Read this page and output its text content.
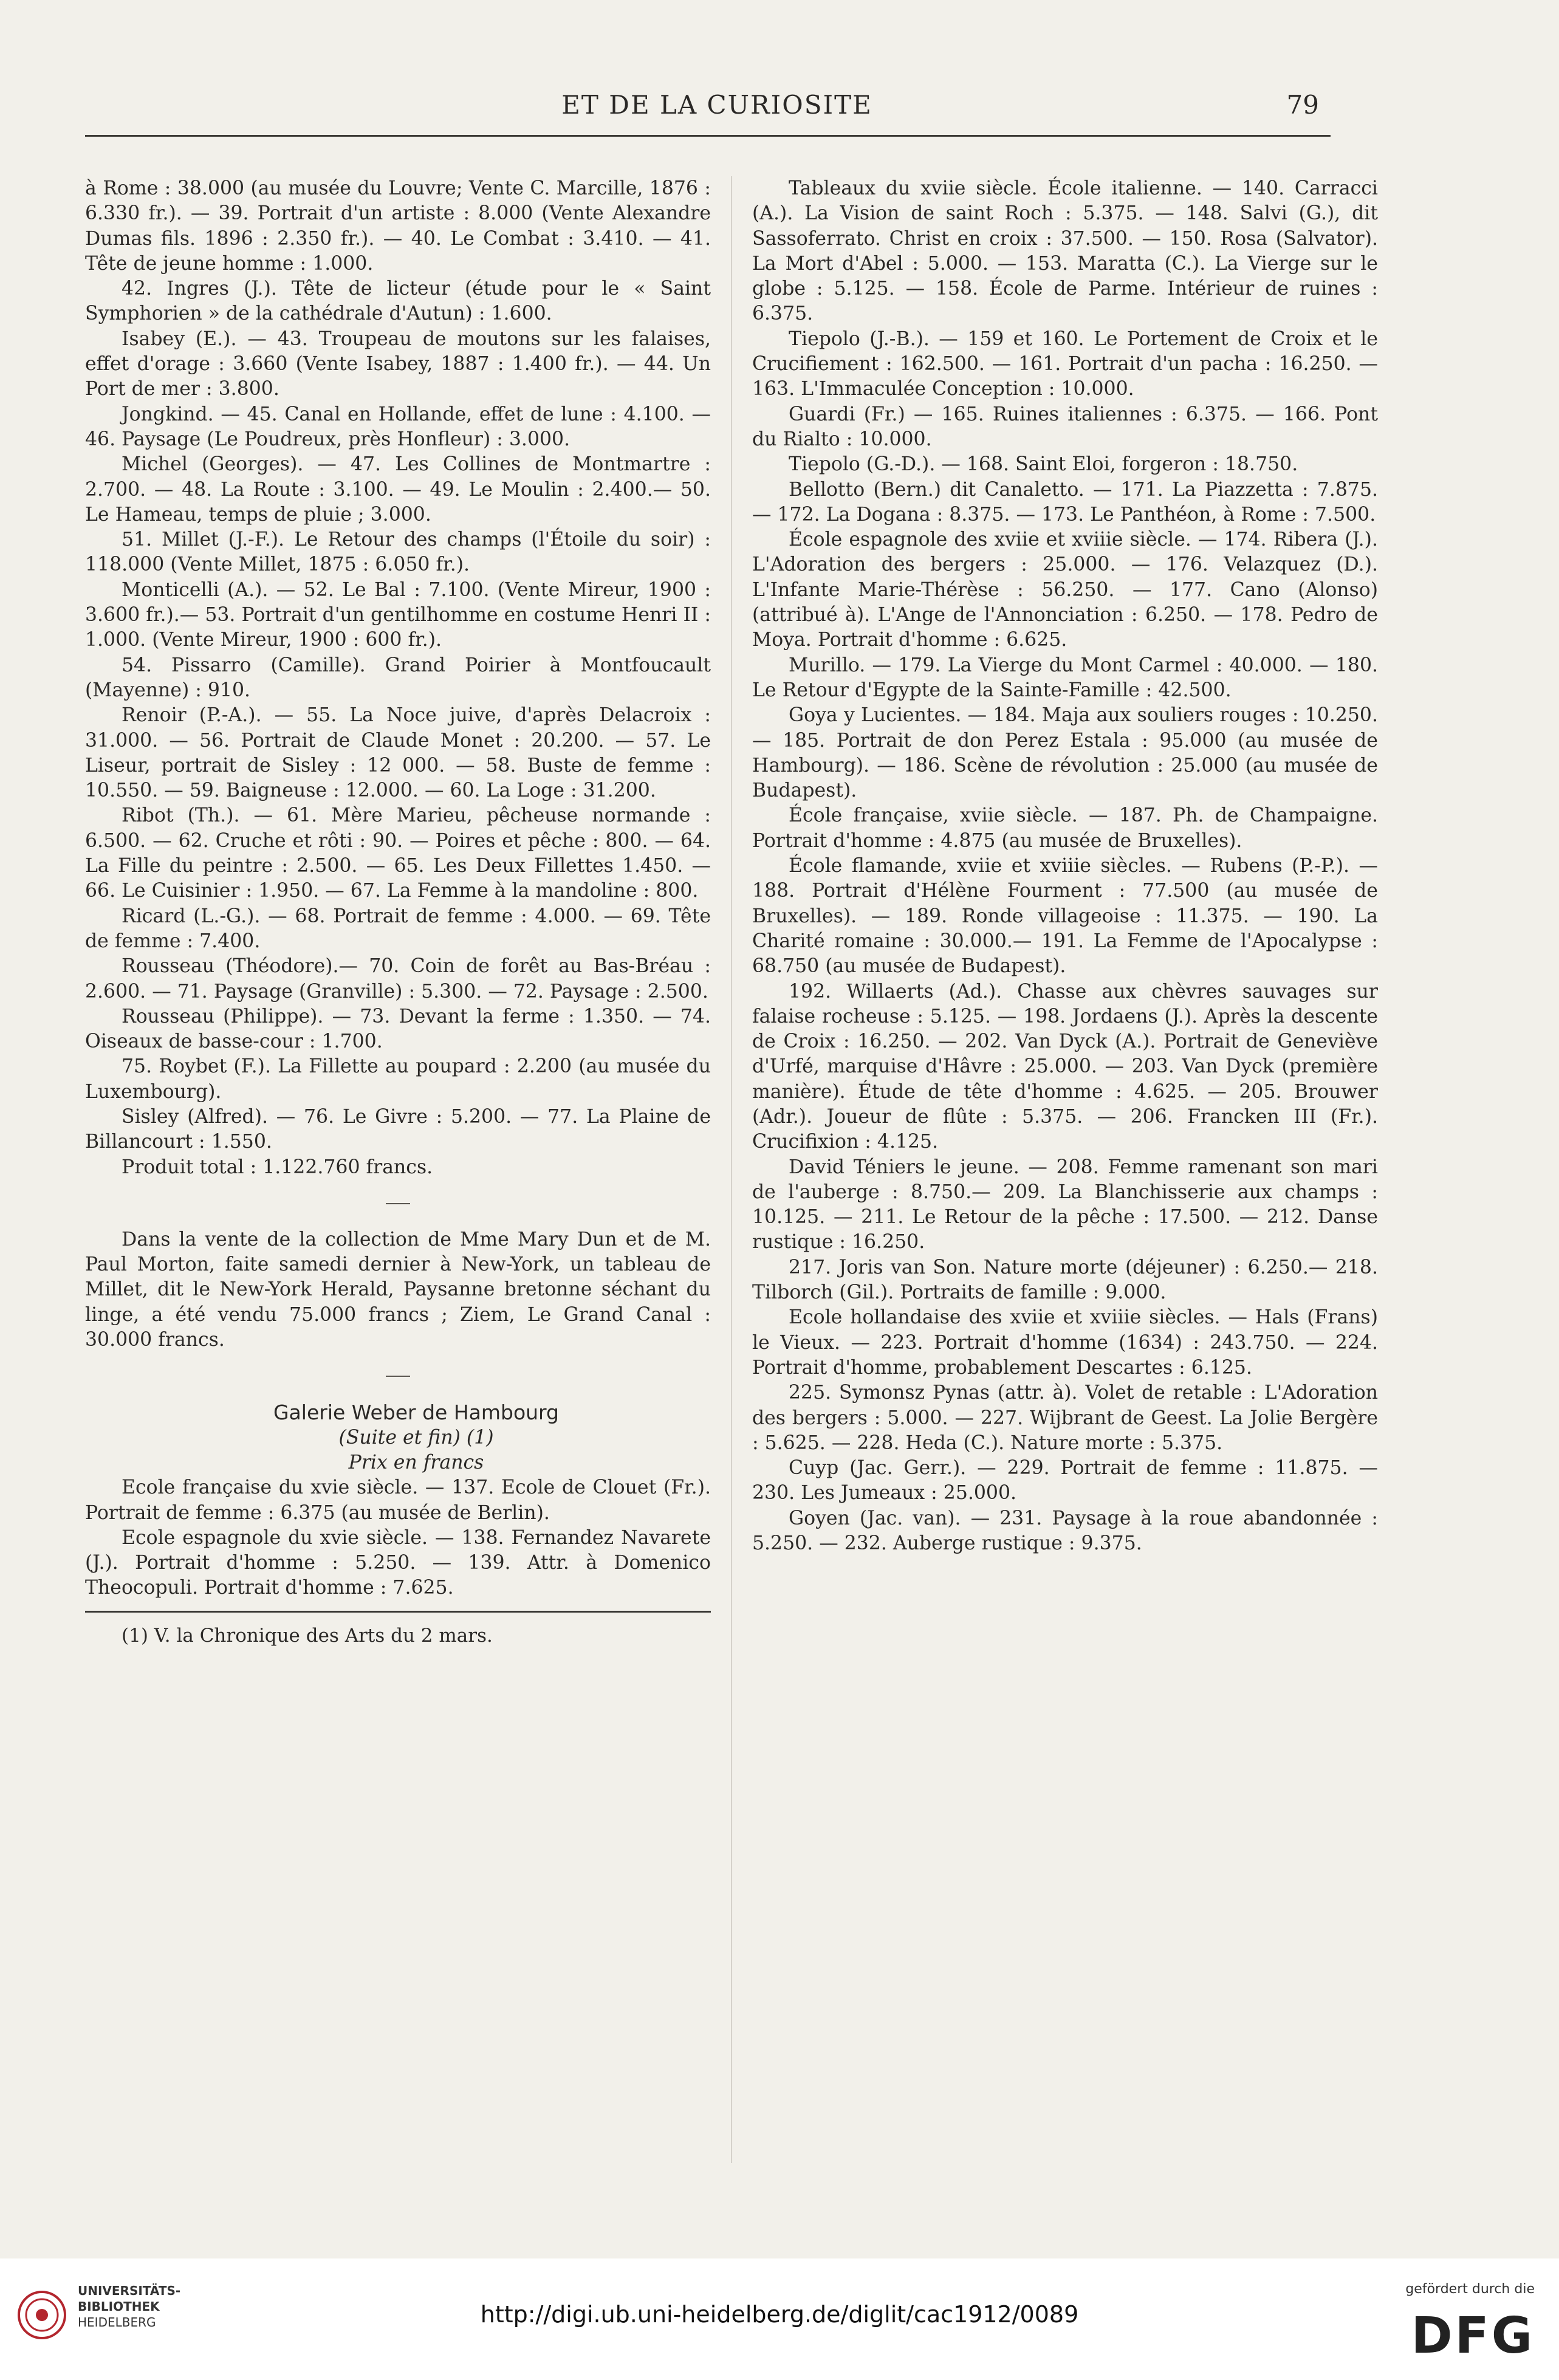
ET DE LA CURIOSITE	79

à Rome : 38.000 (au musée du Louvre; Vente C. Marcille, 1876 : 6.330 fr.). — 39. Portrait d'un artiste : 8.000 (Vente Alexandre Dumas fils. 1896 : 2.350 fr.). — 40. Le Combat : 3.410. — 41. Tête de jeune homme : 1.000.

42. Ingres (J.). Tête de licteur (étude pour le « Saint Symphorien » de la cathédrale d'Autun) : 1.600.

Isabey (E.). — 43. Troupeau de moutons sur les falaises, effet d'orage : 3.660 (Vente Isabey, 1887 : 1.400 fr.). — 44. Un Port de mer : 3.800.

Jongkind. — 45. Canal en Hollande, effet de lune : 4.100. — 46. Paysage (Le Poudreux, près Honfleur) : 3.000.

Michel (Georges). — 47. Les Collines de Montmartre : 2.700. — 48. La Route : 3.100. — 49. Le Moulin : 2.400.— 50. Le Hameau, temps de pluie ; 3.000.

51. Millet (J.-F.). Le Retour des champs (l'Étoile du soir) : 118.000 (Vente Millet, 1875 : 6.050 fr.).

Monticelli (A.). — 52. Le Bal : 7.100. (Vente Mireur, 1900 : 3.600 fr.).— 53. Portrait d'un gentilhomme en costume Henri II : 1.000. (Vente Mireur, 1900 : 600 fr.).

54. Pissarro (Camille). Grand Poirier à Montfoucault (Mayenne) : 910.

Renoir (P.-A.). — 55. La Noce juive, d'après Delacroix : 31.000. — 56. Portrait de Claude Monet : 20.200. — 57. Le Liseur, portrait de Sisley : 12 000. — 58. Buste de femme : 10.550. — 59. Baigneuse : 12.000. — 60. La Loge : 31.200.

Ribot (Th.). — 61. Mère Marieu, pêcheuse normande : 6.500. — 62. Cruche et rôti : 90. — Poires et pêche : 800. — 64. La Fille du peintre : 2.500. — 65. Les Deux Fillettes 1.450. — 66. Le Cuisinier : 1.950. — 67. La Femme à la mandoline : 800.

Ricard (L.-G.). — 68. Portrait de femme : 4.000. — 69. Tête de femme : 7.400.

Rousseau (Théodore).— 70. Coin de forêt au Bas-Bréau : 2.600. — 71. Paysage (Granville) : 5.300. — 72. Paysage : 2.500.

Rousseau (Philippe). — 73. Devant la ferme : 1.350. — 74. Oiseaux de basse-cour : 1.700.

75. Roybet (F.). La Fillette au poupard : 2.200 (au musée du Luxembourg).

Sisley (Alfred). — 76. Le Givre : 5.200. — 77. La Plaine de Billancourt : 1.550.

Produit total : 1.122.760 francs.

Dans la vente de la collection de Mme Mary Dun et de M. Paul Morton, faite samedi dernier à New-York, un tableau de Millet, dit le New-York Herald, Paysanne bretonne séchant du linge, a été vendu 75.000 francs ; Ziem, Le Grand Canal : 30.000 francs.

Galerie Weber de Hambourg

(Suite et fin) (1)

Prix en francs

Ecole française du xvie siècle. — 137. Ecole de Clouet (Fr.). Portrait de femme : 6.375 (au musée de Berlin).

Ecole espagnole du xvie siècle. — 138. Fernandez Navarete (J.). Portrait d'homme : 5.250. — 139. Attr. à Domenico Theocopuli. Portrait d'homme : 7.625.

(1) V. la Chronique des Arts du 2 mars.

Tableaux du xviie siècle. École italienne. — 140. Carracci (A.). La Vision de saint Roch : 5.375. — 148. Salvi (G.), dit Sassoferrato. Christ en croix : 37.500. — 150. Rosa (Salvator). La Mort d'Abel : 5.000. — 153. Maratta (C.). La Vierge sur le globe : 5.125. — 158. École de Parme. Intérieur de ruines : 6.375.

Tiepolo (J.-B.). — 159 et 160. Le Portement de Croix et le Crucifiement : 162.500. — 161. Portrait d'un pacha : 16.250. — 163. L'Immaculée Conception : 10.000.

Guardi (Fr.) — 165. Ruines italiennes : 6.375. — 166. Pont du Rialto : 10.000.

Tiepolo (G.-D.). — 168. Saint Eloi, forgeron : 18.750.

Bellotto (Bern.) dit Canaletto. — 171. La Piazzetta : 7.875. — 172. La Dogana : 8.375. — 173. Le Panthéon, à Rome : 7.500.

École espagnole des xviie et xviiie siècle. — 174. Ribera (J.). L'Adoration des bergers : 25.000. — 176. Velazquez (D.). L'Infante Marie-Thérèse : 56.250. — 177. Cano (Alonso) (attribué à). L'Ange de l'Annonciation : 6.250. — 178. Pedro de Moya. Portrait d'homme : 6.625.

Murillo. — 179. La Vierge du Mont Carmel : 40.000. — 180. Le Retour d'Egypte de la Sainte-Famille : 42.500.

Goya y Lucientes. — 184. Maja aux souliers rouges : 10.250. — 185. Portrait de don Perez Estala : 95.000 (au musée de Hambourg). — 186. Scène de révolution : 25.000 (au musée de Budapest).

École française, xviie siècle. — 187. Ph. de Champaigne. Portrait d'homme : 4.875 (au musée de Bruxelles).

École flamande, xviie et xviiie siècles. — Rubens (P.-P.). — 188. Portrait d'Hélène Fourment : 77.500 (au musée de Bruxelles). — 189. Ronde villageoise : 11.375. — 190. La Charité romaine : 30.000.— 191. La Femme de l'Apocalypse : 68.750 (au musée de Budapest).

192. Willaerts (Ad.). Chasse aux chèvres sauvages sur falaise rocheuse : 5.125. — 198. Jordaens (J.). Après la descente de Croix : 16.250. — 202. Van Dyck (A.). Portrait de Geneviève d'Urfé, marquise d'Hâvre : 25.000. — 203. Van Dyck (première manière). Étude de tête d'homme : 4.625. — 205. Brouwer (Adr.). Joueur de flûte : 5.375. — 206. Francken III (Fr.). Crucifixion : 4.125.

David Téniers le jeune. — 208. Femme ramenant son mari de l'auberge : 8.750.— 209. La Blanchisserie aux champs : 10.125. — 211. Le Retour de la pêche : 17.500. — 212. Danse rustique : 16.250.

217. Joris van Son. Nature morte (déjeuner) : 6.250.— 218. Tilborch (Gil.). Portraits de famille : 9.000.

Ecole hollandaise des xviie et xviiie siècles. — Hals (Frans) le Vieux. — 223. Portrait d'homme (1634) : 243.750. — 224. Portrait d'homme, probablement Descartes : 6.125.

225. Symonsz Pynas (attr. à). Volet de retable : L'Adoration des bergers : 5.000. — 227. Wijbrant de Geest. La Jolie Bergère : 5.625. — 228. Heda (C.). Nature morte : 5.375.

Cuyp (Jac. Gerr.). — 229. Portrait de femme : 11.875. — 230. Les Jumeaux : 25.000.

Goyen (Jac. van). — 231. Paysage à la roue abandonnée : 5.250. — 232. Auberge rustique : 9.375.

UNIVERSITÄTS-
BIBLIOTHEK
HEIDELBERG	http://digi.ub.uni-heidelberg.de/diglit/cac1912/0089
gefördert durch die
DFG
